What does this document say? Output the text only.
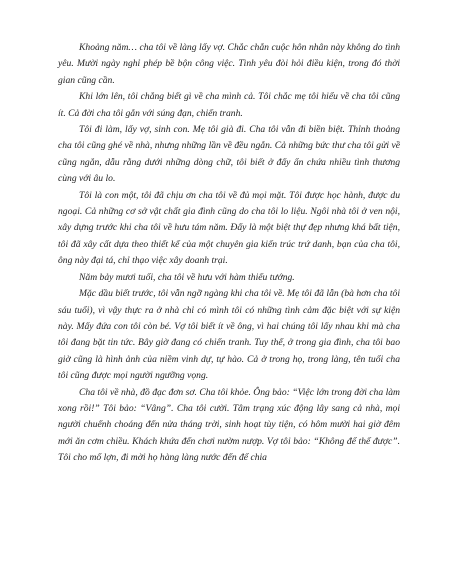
Khoảng năm… cha tôi về làng lấy vợ. Chắc chắn cuộc hôn nhân này không do tình yêu. Mười ngày nghỉ phép bề bộn công việc. Tình yêu đòi hỏi điều kiện, trong đó thời gian cũng cần.

Khi lớn lên, tôi chẳng biết gì về cha mình cả. Tôi chắc mẹ tôi hiểu về cha tôi cũng ít. Cả đời cha tôi gắn với súng đạn, chiến tranh.

Tôi đi làm, lấy vợ, sinh con. Mẹ tôi già đi. Cha tôi vẫn đi biền biệt. Thỉnh thoảng cha tôi cũng ghé về nhà, nhưng những lần về đều ngắn. Cả những bức thư cha tôi gửi về cũng ngắn, dẫu rằng dưới những dòng chữ, tôi biết ở đấy ẩn chứa nhiều tình thương cùng với âu lo.

Tôi là con một, tôi đã chịu ơn cha tôi về đủ mọi mặt. Tôi được học hành, được du ngoại. Cả những cơ sở vật chất gia đình cũng do cha tôi lo liệu. Ngôi nhà tôi ở ven nội, xây dựng trước khi cha tôi về hưu tám năm. Đấy là một biệt thự đẹp nhưng khá bất tiện, tôi đã xây cất dựa theo thiết kế của một chuyên gia kiến trúc trứ danh, bạn của cha tôi, ông này đại tá, chỉ thạo việc xây doanh trại.

Năm bảy mươi tuổi, cha tôi về hưu với hàm thiếu tướng.

Mặc dầu biết trước, tôi vẫn ngỡ ngàng khi cha tôi về. Mẹ tôi đã lẫn (bà hơn cha tôi sáu tuổi), vì vậy thực ra ở nhà chỉ có mình tôi có những tình cảm đặc biệt với sự kiện này. Mấy đứa con tôi còn bé. Vợ tôi biết ít về ông, vì hai chúng tôi lấy nhau khi mà cha tôi đang bặt tin tức. Bây giờ đang có chiến tranh. Tuy thế, ở trong gia đình, cha tôi bao giờ cũng là hình ảnh của niềm vinh dự, tự hào. Cả ở trong họ, trong làng, tên tuổi cha tôi cũng được mọi người ngưỡng vọng.

Cha tôi về nhà, đồ đạc đơn sơ. Cha tôi khỏe. Ông bảo: “Việc lớn trong đời cha làm xong rồi!” Tôi bảo: “Vâng”. Cha tôi cười. Tâm trạng xúc động lây sang cả nhà, mọi người chuếnh choáng đến nửa tháng trời, sinh hoạt tùy tiện, có hôm mười hai giờ đêm mới ăn cơm chiều. Khách khứa đến chơi nườm nượp. Vợ tôi bảo: “Không để thế được”. Tôi cho mổ lợn, đi mời họ hàng làng nước đến để chia
